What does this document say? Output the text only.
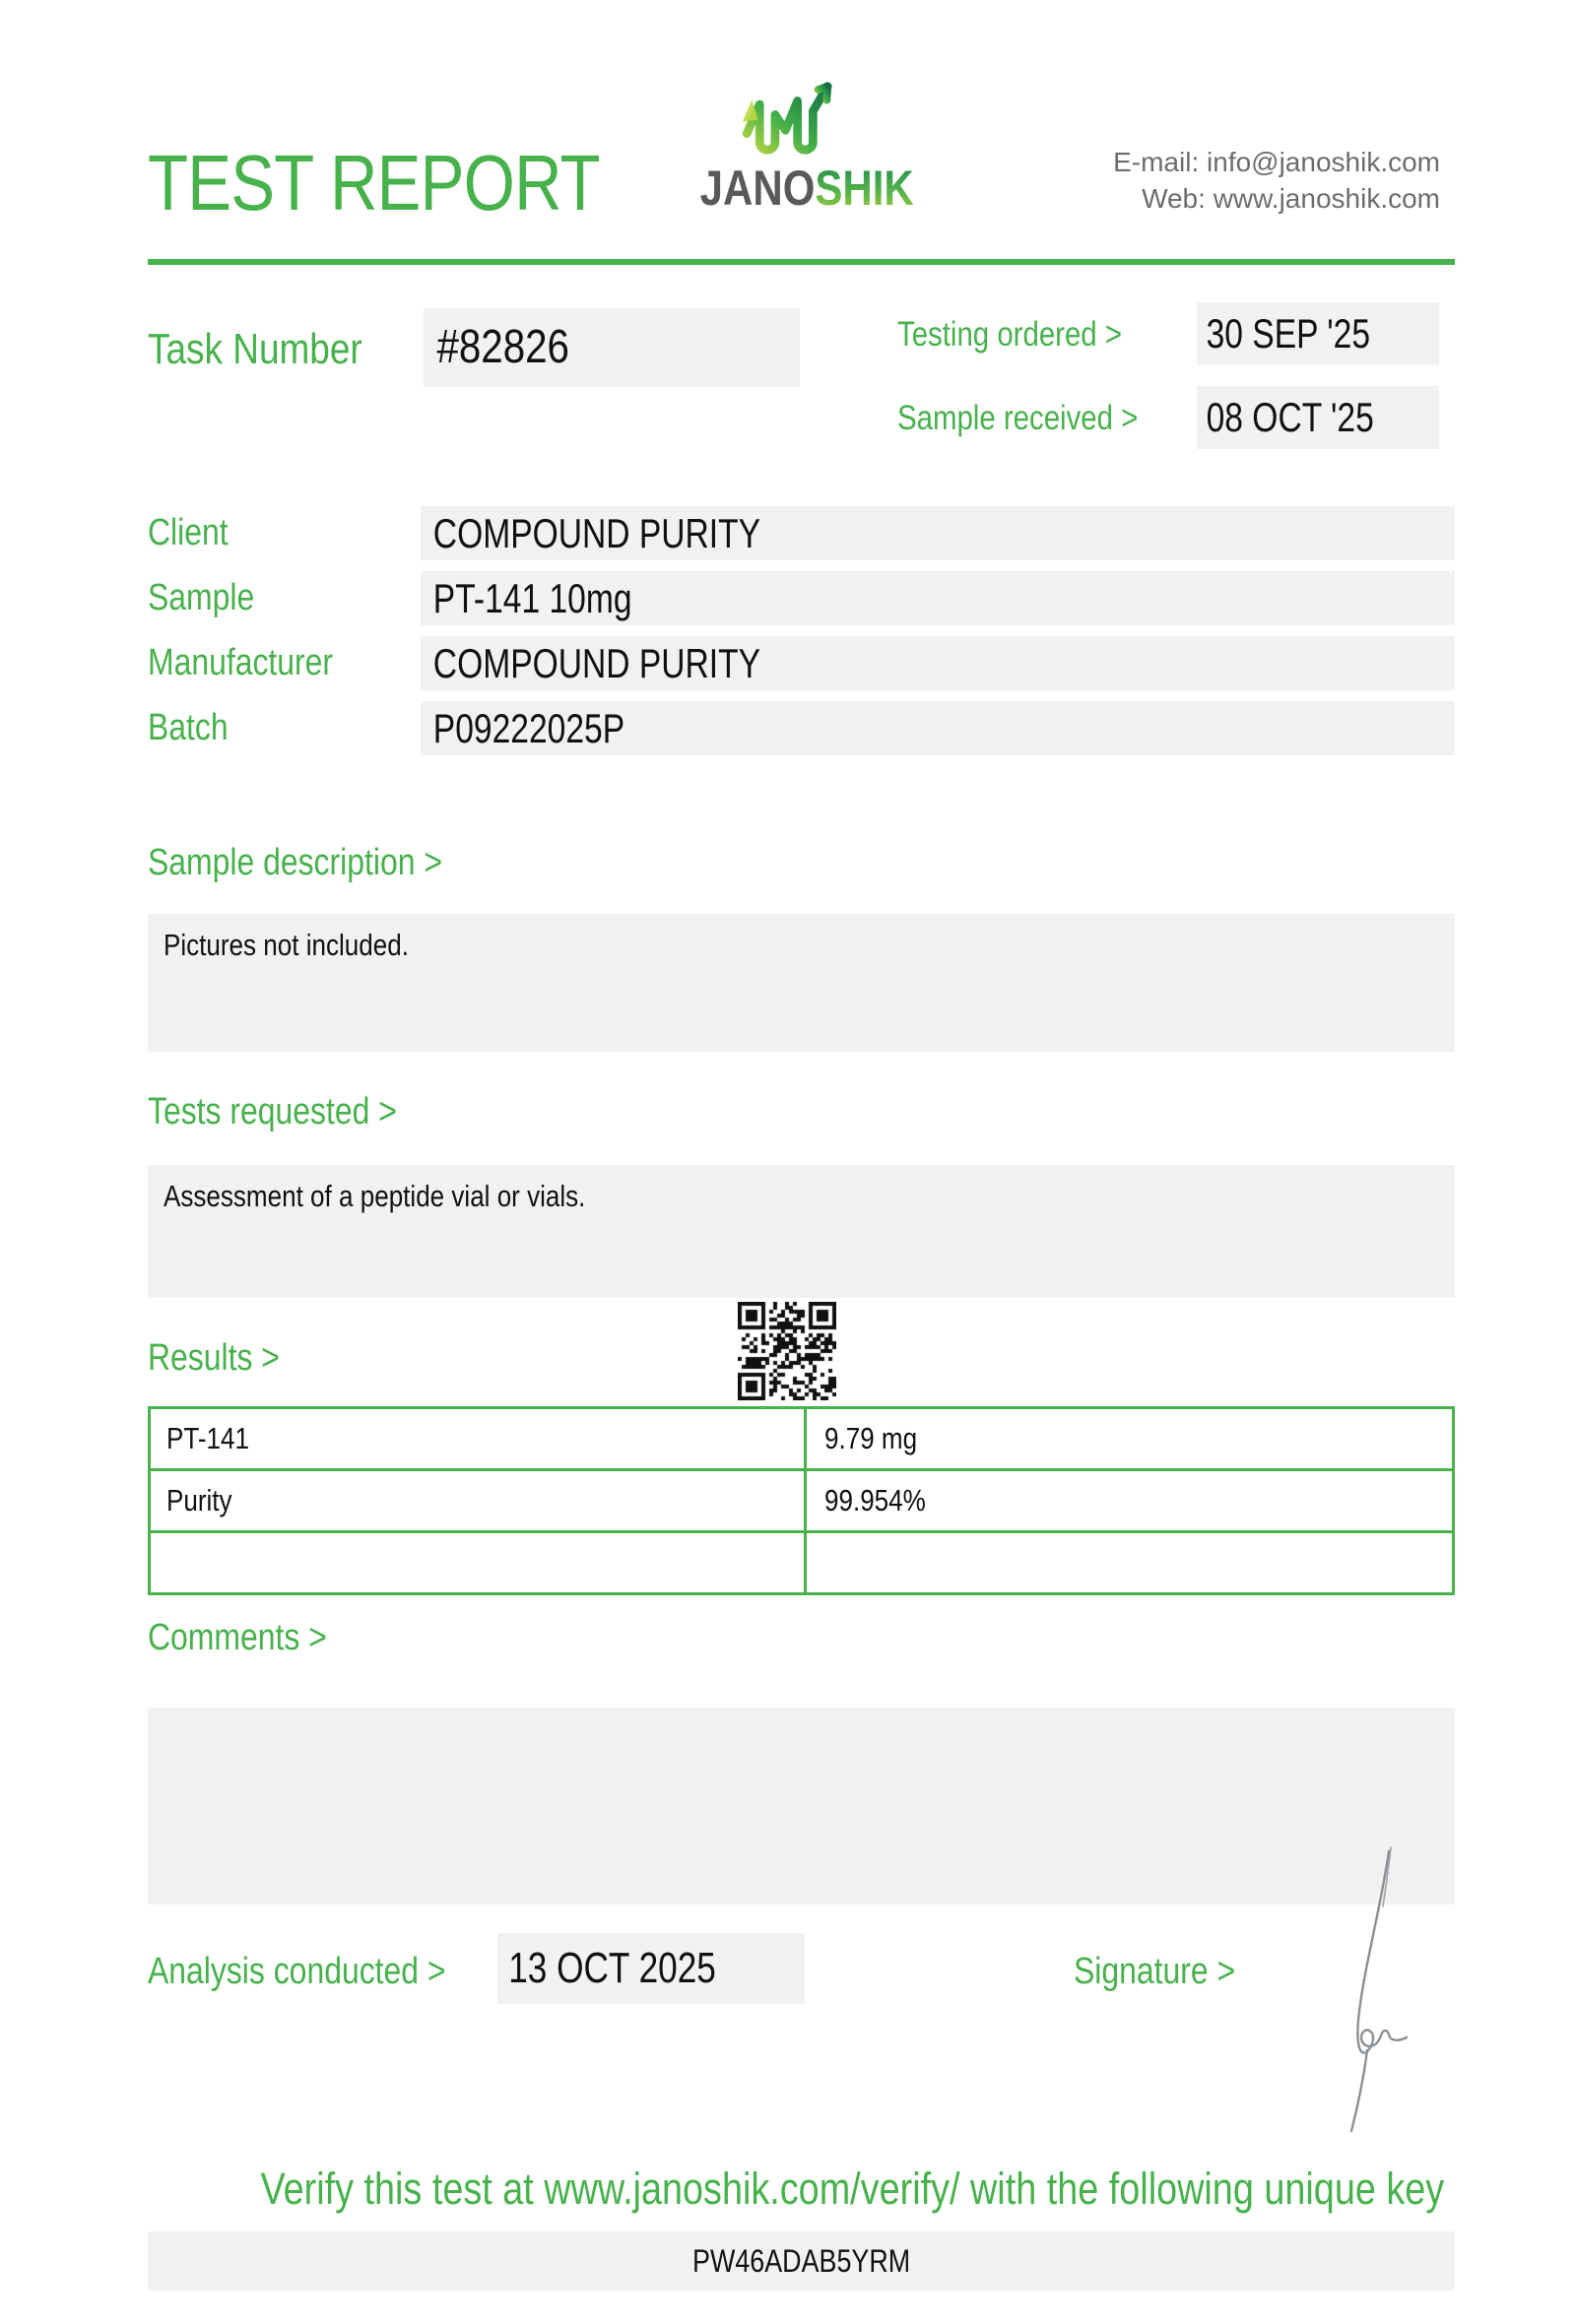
TEST REPORT	JANOSHIK	E-mail: info@janoshik.com
Web: www.janoshik.com
Task Number	#82826	Testing ordered >	30 SEP '25
Sample received >	08 OCT '25
Client	COMPOUND PURITY
Sample	PT-141 10mg
Manufacturer	COMPOUND PURITY
Batch	P09222025P
Sample description >
Pictures not included.
Tests requested >
Assessment of a peptide vial or vials.
Results >
PT-141	9.79 mg
Purity	99.954%
Comments >
Analysis conducted >	13 OCT 2025	Signature >
Verify this test at www.janoshik.com/verify/ with the following unique key
PW46ADAB5YRM
